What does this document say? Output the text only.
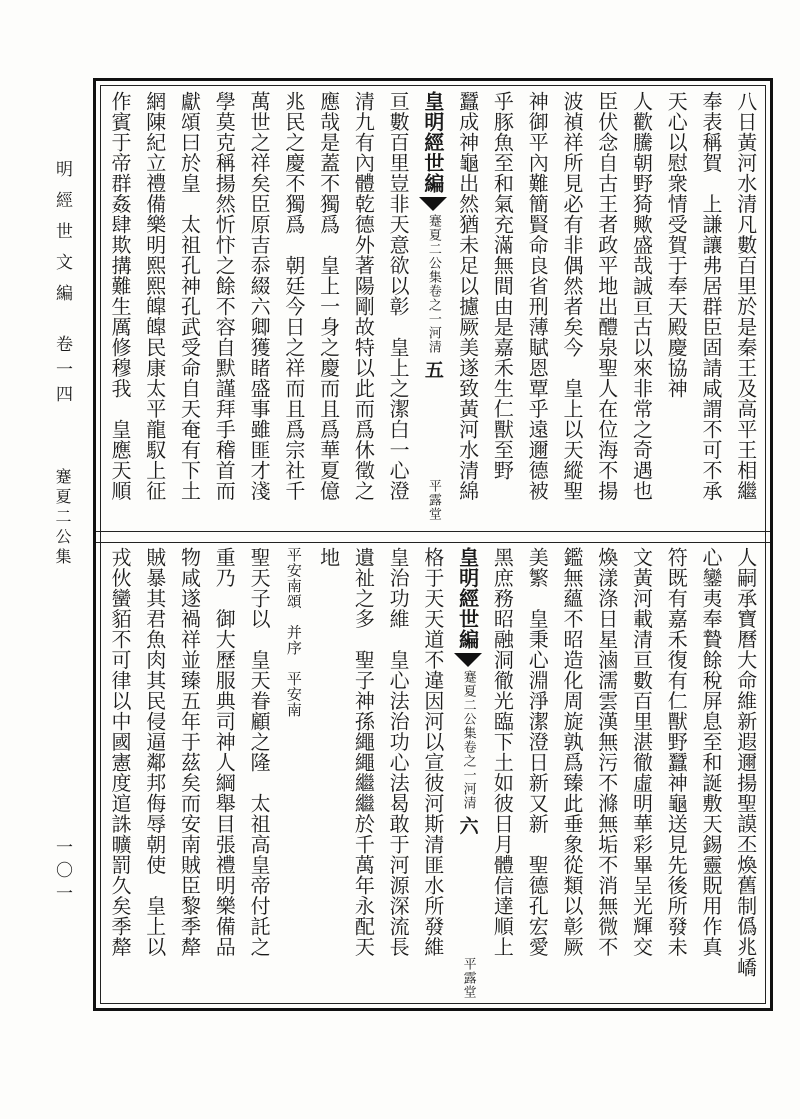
明經世文編
卷一四
蹇夏二公集
一〇一
八日黃河水清凡數百里於是秦王及高平王相繼
奉表稱賀　上謙讓弗居群臣固請咸謂不可不承
天心以慰衆情受賀于奉天殿慶協神
人歡騰朝野猗歟盛哉誠亘古以來非常之奇遇也
臣伏念自古王者政平地出醴泉聖人在位海不揚
波禎祥所見必有非偶然者矣今　皇上以天縱聖
神御平內難簡賢命良省刑薄賦恩覃乎遠邇德被
乎豚魚至和氣充滿無間由是嘉禾生仁獸至野
蠶成神龜出然猶未足以攄厥美遂致黃河水清綿
皇明經世編
蹇夏二公集
卷之一
河清
五
平露堂
亘數百里豈非天意欲以彰　皇上之潔白一心澄
清九有內體乾德外著陽剛故特以此而爲休徵之
應哉是蓋不獨爲　皇上一身之慶而且爲華夏億
兆民之慶不獨爲　朝廷今日之祥而且爲宗社千
萬世之祥矣臣原吉忝綴六卿獲睹盛事雖匪才淺
學莫克稱揚然忻忭之餘不容自默謹拜手稽首而
獻頌曰於皇　太祖孔神孔武受命自天奄有下土
網陳紀立禮備樂明熙熙皥皥民康太平龍馭上征
作賓于帝群姦肆欺搆難生厲修穆我　皇應天順
人嗣承寶曆大命維新遐邇揚聖謨丕煥舊制僞兆嶠
心鑾夷奉贄餘稅屏息至和誕敷天錫靈貺用作真
符既有嘉禾復有仁獸野蠶神龜送見先後所發未
文黃河載清亘數百里湛徹虛明華彩畢呈光輝交
煥漾涤日星滷濡雲漢無污不滌無垢不消無微不
鑑無蘊不昭造化周旋孰爲臻此垂象從類以彰厥
美繁　皇秉心淵淨潔澄日新又新　聖德孔宏愛
黑庶務昭融洞徹光臨下土如彼日月體信達順上
皇明經世編
蹇夏二公集
卷之一
河清
六
平露堂
格于天天道不違因河以宣彼河斯清匪水所發維
皇治功維　皇心法治功心法曷敢于河源深流長
遺祉之多　聖子神孫繩繩繼繼於千萬年永配天
地
平安南頌　并序　平安南
聖天子以　皇天眷顧之隆　太祖高皇帝付託之
重乃　御大歷服典司神人綱舉目張禮明樂備品
物咸遂禍祥並臻五年于茲矣而安南賊臣黎季犛
賊暴其君魚肉其民侵逼鄰邦侮辱朝使　皇上以
戎伙蠻貊不可律以中國憲度逭誅曠罰久矣季犛
